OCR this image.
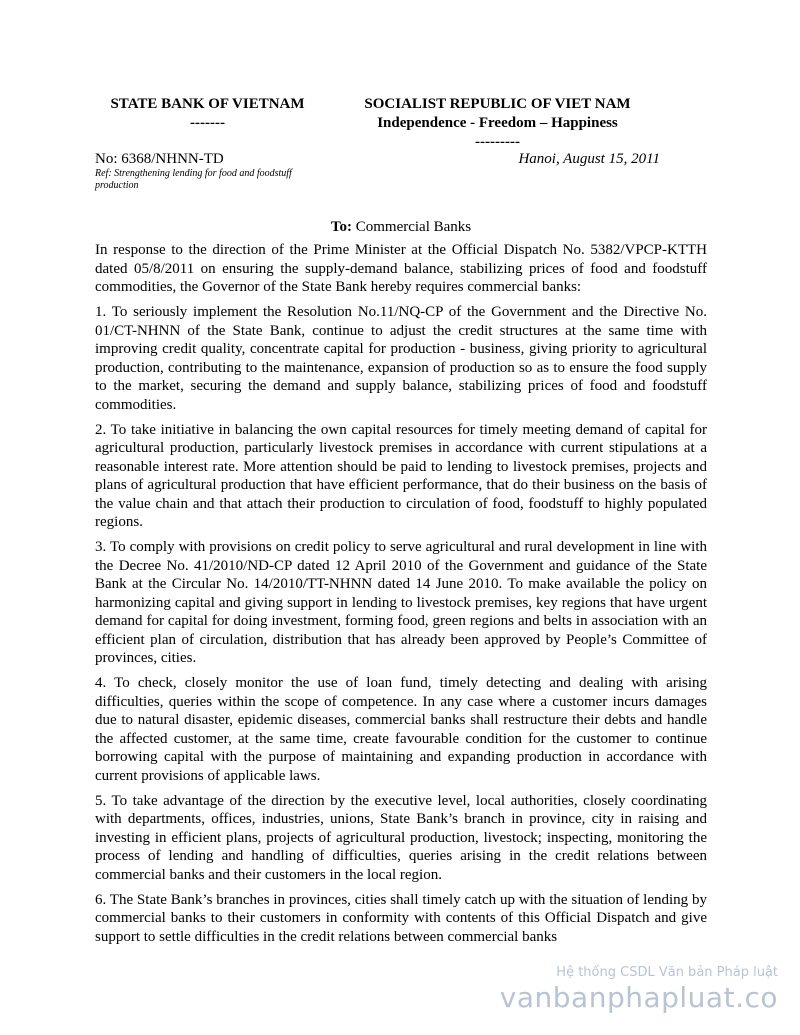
STATE BANK OF VIETNAM
-------
SOCIALIST REPUBLIC OF VIET NAM
Independence - Freedom – Happiness
---------
No: 6368/NHNN-TD
Ref: Strengthening lending for food and foodstuff production
Hanoi, August 15, 2011
To: Commercial Banks

In response to the direction of the Prime Minister at the Official Dispatch No. 5382/VPCP-KTTH dated 05/8/2011 on ensuring the supply-demand balance, stabilizing prices of food and foodstuff commodities, the Governor of the State Bank hereby requires commercial banks:

1. To seriously implement the Resolution No.11/NQ-CP of the Government and the Directive No. 01/CT-NHNN of the State Bank, continue to adjust the credit structures at the same time with improving credit quality, concentrate capital for production - business, giving priority to agricultural production, contributing to the maintenance, expansion of production so as to ensure the food supply to the market, securing the demand and supply balance, stabilizing prices of food and foodstuff commodities.

2. To take initiative in balancing the own capital resources for timely meeting demand of capital for agricultural production, particularly livestock premises in accordance with current stipulations at a reasonable interest rate. More attention should be paid to lending to livestock premises, projects and plans of agricultural production that have efficient performance, that do their business on the basis of the value chain and that attach their production to circulation of food, foodstuff to highly populated regions.

3. To comply with provisions on credit policy to serve agricultural and rural development in line with the Decree No. 41/2010/ND-CP dated 12 April 2010 of the Government and guidance of the State Bank at the Circular No. 14/2010/TT-NHNN dated 14 June 2010. To make available the policy on harmonizing capital and giving support in lending to livestock premises, key regions that have urgent demand for capital for doing investment, forming food, green regions and belts in association with an efficient plan of circulation, distribution that has already been approved by People’s Committee of provinces, cities.

4. To check, closely monitor the use of loan fund, timely detecting and dealing with arising difficulties, queries within the scope of competence. In any case where a customer incurs damages due to natural disaster, epidemic diseases, commercial banks shall restructure their debts and handle the affected customer, at the same time, create favourable condition for the customer to continue borrowing capital with the purpose of maintaining and expanding production in accordance with current provisions of applicable laws.

5. To take advantage of the direction by the executive level, local authorities, closely coordinating with departments, offices, industries, unions, State Bank’s branch in province, city in raising and investing in efficient plans, projects of agricultural production, livestock; inspecting, monitoring the process of lending and handling of difficulties, queries arising in the credit relations between commercial banks and their customers in the local region.

6. The State Bank’s branches in provinces, cities shall timely catch up with the situation of lending by commercial banks to their customers in conformity with contents of this Official Dispatch and give support to settle difficulties in the credit relations between commercial banks

Hệ thống CSDL Văn bản Pháp luật
vanbanphapluat.co
